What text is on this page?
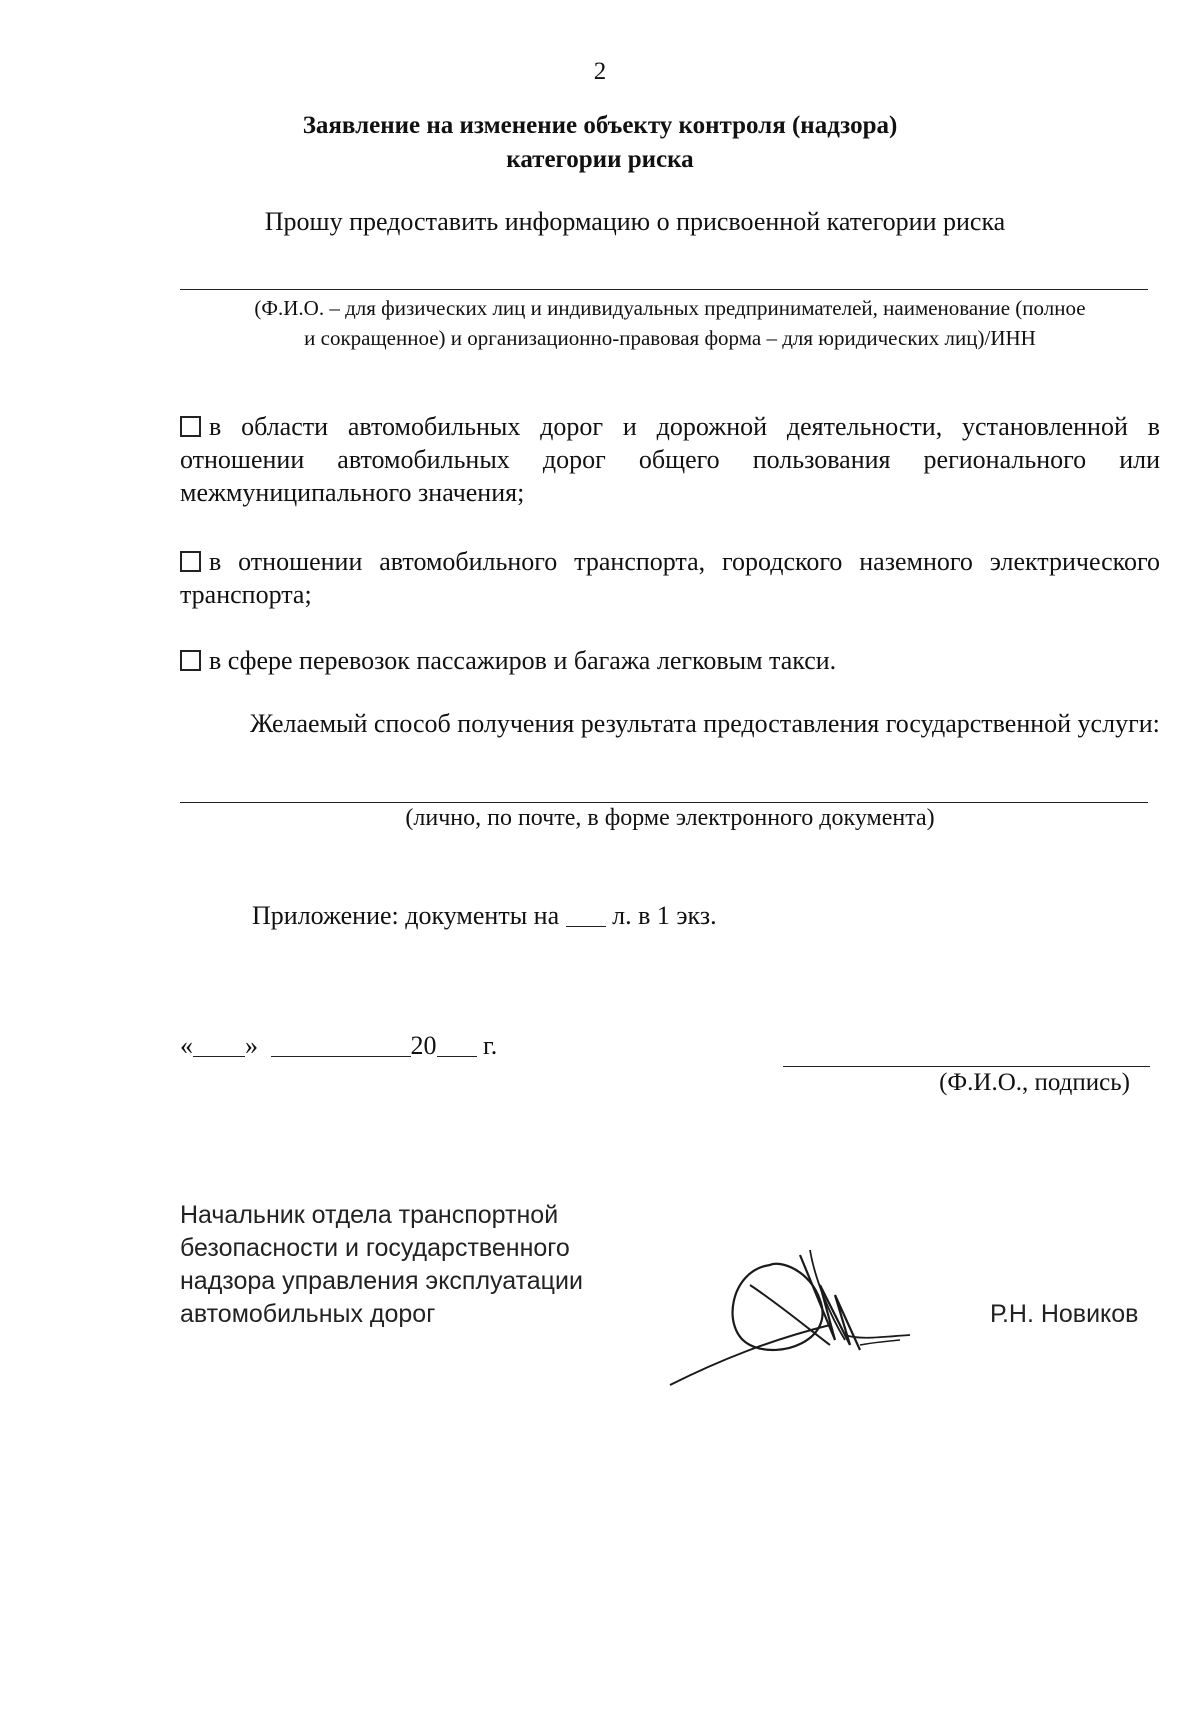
2
Заявление на изменение объекту контроля (надзора)
категории риска
Прошу предоставить информацию о присвоенной категории риска
(Ф.И.О. – для физических лиц и индивидуальных предпринимателей, наименование (полное
и сокращенное) и организационно-правовая форма – для юридических лиц)/ИНН
в области автомобильных дорог и дорожной деятельности, установленной в отношении автомобильных дорог общего пользования регионального или межмуниципального значения;
в отношении автомобильного транспорта, городского наземного электрического транспорта;
в сфере перевозок пассажиров и багажа легковым такси.
Желаемый способ получения результата предоставления государственной услуги:
(лично, по почте, в форме электронного документа)
Приложение: документы на л. в 1 экз.
« »	20 г.
(Ф.И.О., подпись)
Начальник отдела транспортной
безопасности и государственного
надзора управления эксплуатации
автомобильных дорог	Р.Н. Новиков
